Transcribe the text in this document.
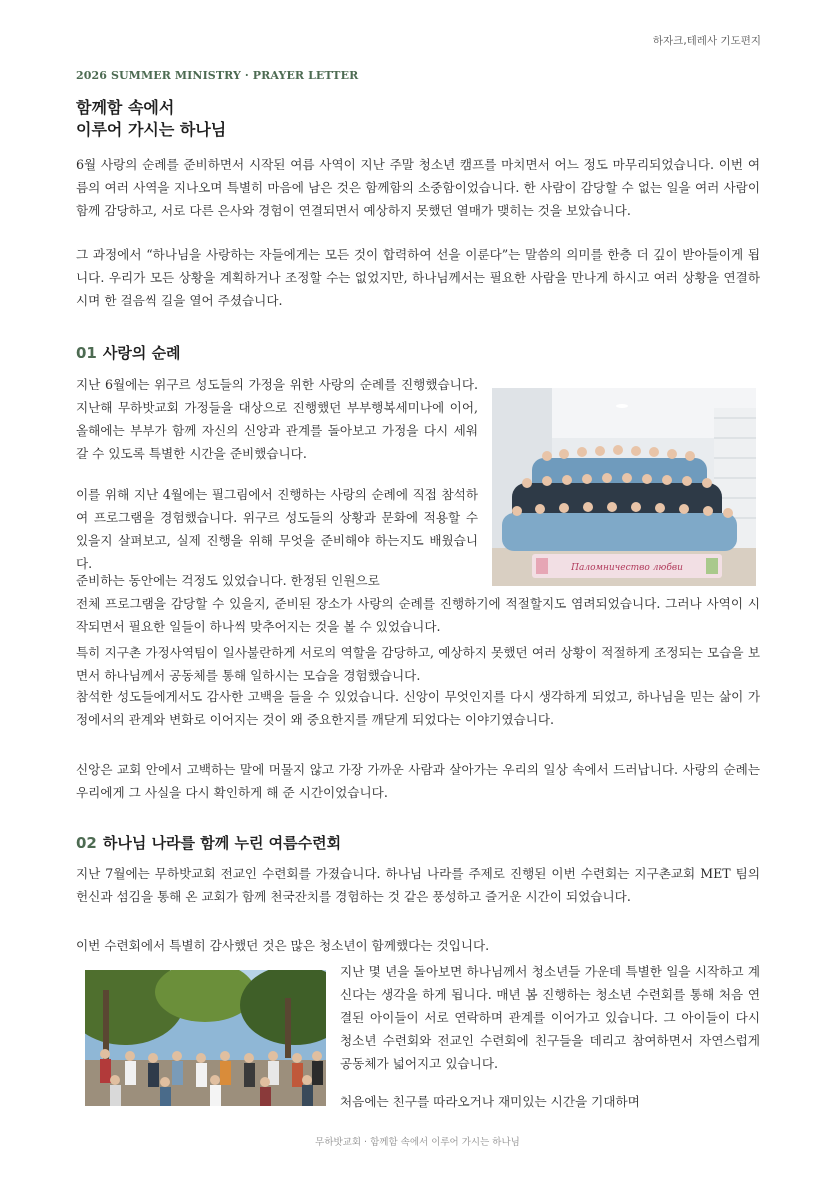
하자크,테레사 기도편지
2026 SUMMER MINISTRY · PRAYER LETTER
함께함 속에서
이루어 가시는 하나님

6월 사랑의 순례를 준비하면서 시작된 여름 사역이 지난 주말 청소년 캠프를 마치면서 어느 정도 마무리되었습니다. 이번 여름의 여러 사역을 지나오며 특별히 마음에 남은 것은 함께함의 소중함이었습니다. 한 사람이 감당할 수 없는 일을 여러 사람이 함께 감당하고, 서로 다른 은사와 경험이 연결되면서 예상하지 못했던 열매가 맺히는 것을 보았습니다.

그 과정에서 “하나님을 사랑하는 자들에게는 모든 것이 합력하여 선을 이룬다”는 말씀의 의미를 한층 더 깊이 받아들이게 됩니다. 우리가 모든 상황을 계획하거나 조정할 수는 없었지만, 하나님께서는 필요한 사람을 만나게 하시고 여러 상황을 연결하시며 한 걸음씩 길을 열어 주셨습니다.

01 사랑의 순례

지난 6월에는 위구르 성도들의 가정을 위한 사랑의 순례를 진행했습니다. 지난해 무하밧교회 가정들을 대상으로 진행했던 부부행복세미나에 이어, 올해에는 부부가 함께 자신의 신앙과 관계를 돌아보고 가정을 다시 세워 갈 수 있도록 특별한 시간을 준비했습니다.

이를 위해 지난 4월에는 필그림에서 진행하는 사랑의 순례에 직접 참석하여 프로그램을 경험했습니다. 위구르 성도들의 상황과 문화에 적용할 수 있을지 살펴보고, 실제 진행을 위해 무엇을 준비해야 하는지도 배웠습니다.

준비하는 동안에는 걱정도 있었습니다. 한정된 인원으로

전체 프로그램을 감당할 수 있을지, 준비된 장소가 사랑의 순례를 진행하기에 적절할지도 염려되었습니다. 그러나 사역이 시작되면서 필요한 일들이 하나씩 맞추어지는 것을 볼 수 있었습니다.

특히 지구촌 가정사역팀이 일사불란하게 서로의 역할을 감당하고, 예상하지 못했던 여러 상황이 적절하게 조정되는 모습을 보면서 하나님께서 공동체를 통해 일하시는 모습을 경험했습니다.

참석한 성도들에게서도 감사한 고백을 들을 수 있었습니다. 신앙이 무엇인지를 다시 생각하게 되었고, 하나님을 믿는 삶이 가정에서의 관계와 변화로 이어지는 것이 왜 중요한지를 깨닫게 되었다는 이야기였습니다.

신앙은 교회 안에서 고백하는 말에 머물지 않고 가장 가까운 사람과 살아가는 우리의 일상 속에서 드러납니다. 사랑의 순례는 우리에게 그 사실을 다시 확인하게 해 준 시간이었습니다.

Паломничество любви
02 하나님 나라를 함께 누린 여름수련회

지난 7월에는 무하밧교회 전교인 수련회를 가졌습니다. 하나님 나라를 주제로 진행된 이번 수련회는 지구촌교회 MET 팀의 헌신과 섬김을 통해 온 교회가 함께 천국잔치를 경험하는 것 같은 풍성하고 즐거운 시간이 되었습니다.

이번 수련회에서 특별히 감사했던 것은 많은 청소년이 함께했다는 것입니다.

지난 몇 년을 돌아보면 하나님께서 청소년들 가운데 특별한 일을 시작하고 계신다는 생각을 하게 됩니다. 매년 봄 진행하는 청소년 수련회를 통해 처음 연결된 아이들이 서로 연락하며 관계를 이어가고 있습니다. 그 아이들이 다시 청소년 수련회와 전교인 수련회에 친구들을 데리고 참여하면서 자연스럽게 공동체가 넓어지고 있습니다.

처음에는 친구를 따라오거나 재미있는 시간을 기대하며

무하밧교회 · 함께함 속에서 이루어 가시는 하나님
